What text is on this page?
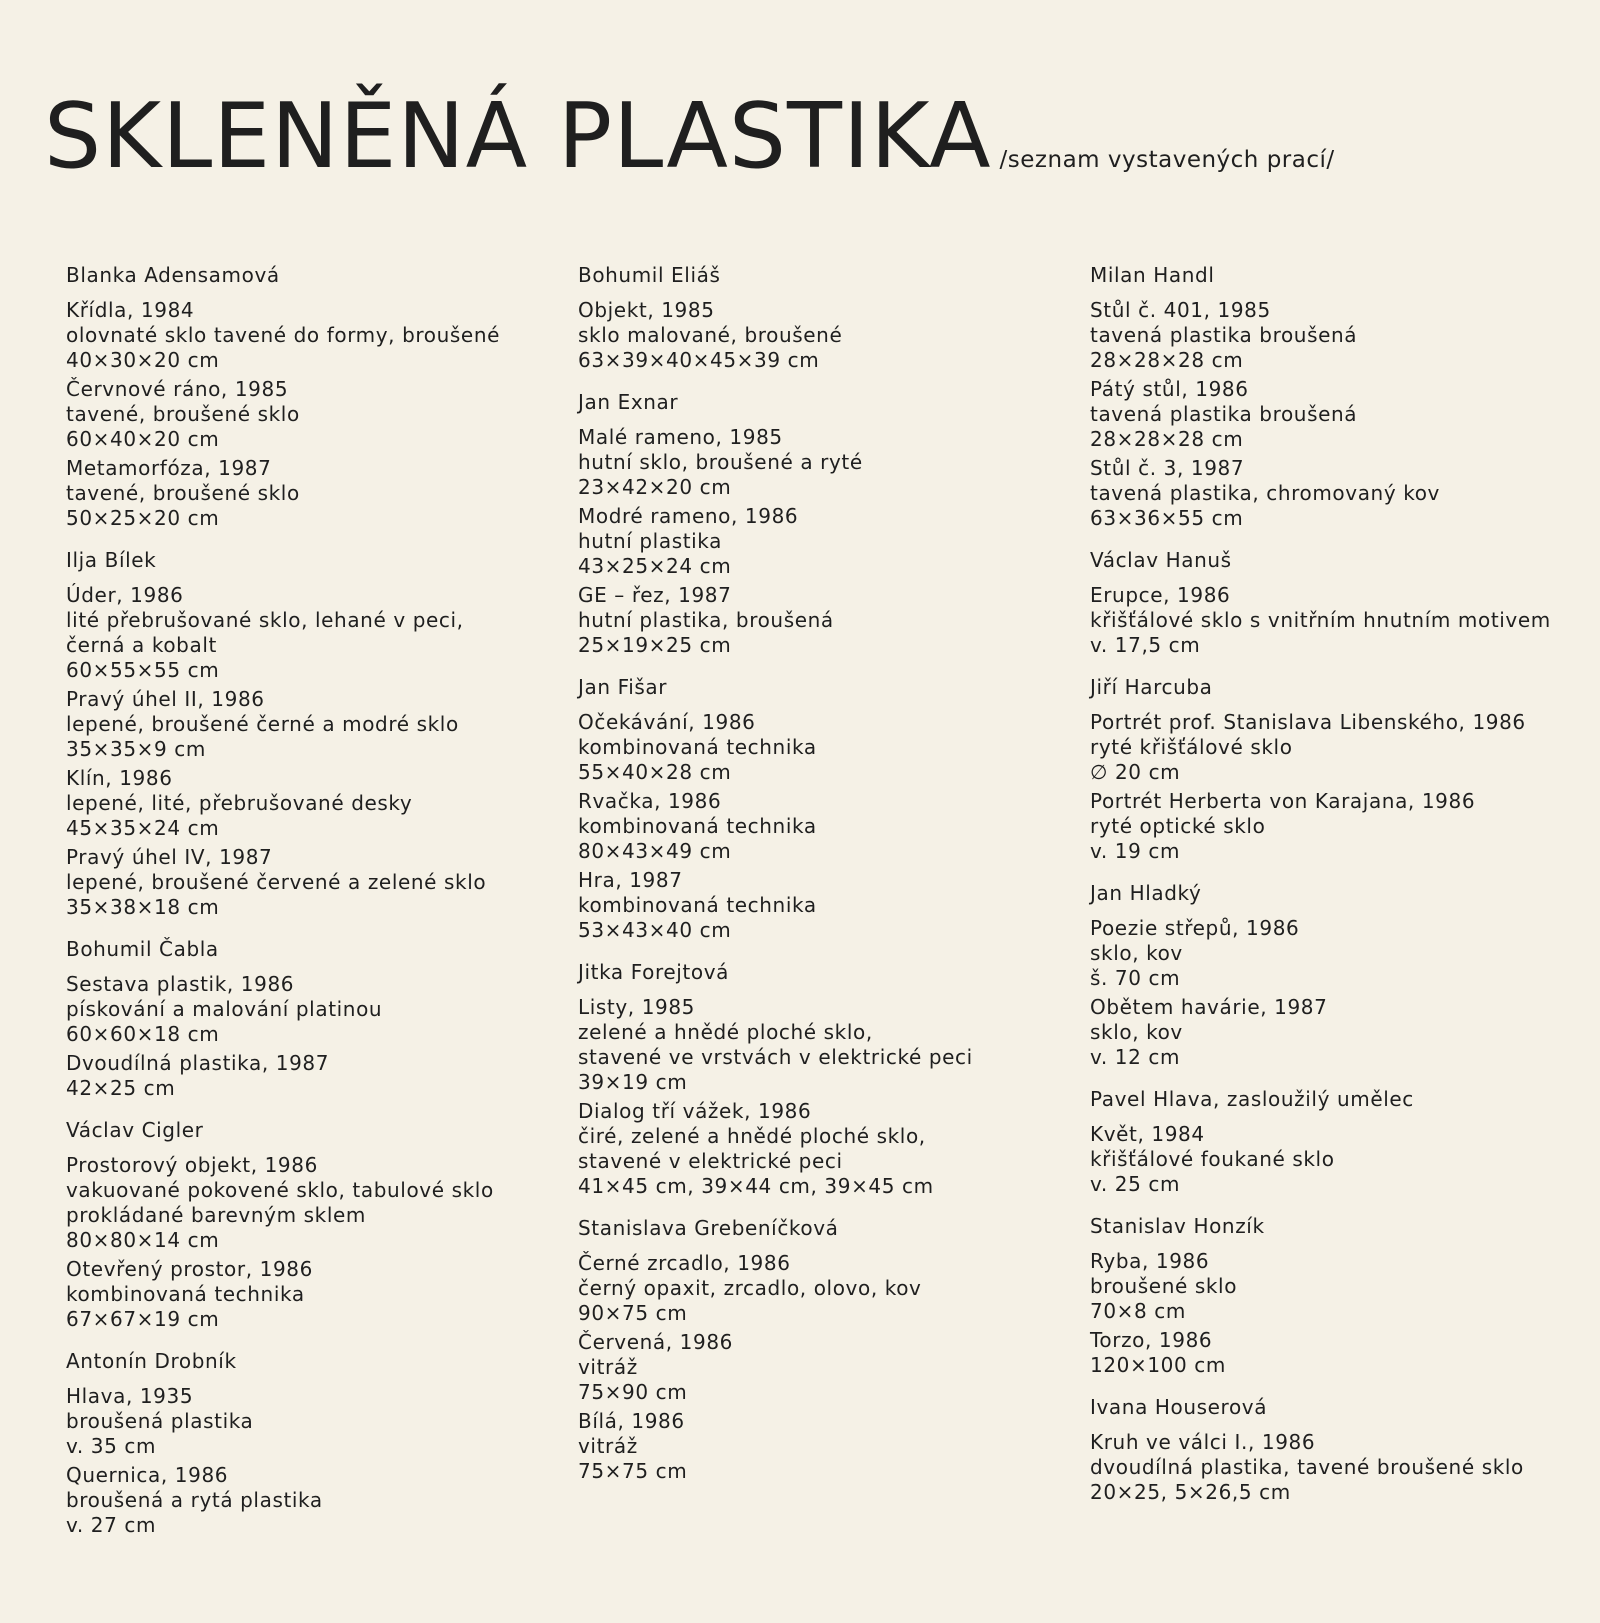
SKLENĚNÁ PLASTIKA /seznam vystavených prací/
Blanka Adensamová
Křídla, 1984
olovnaté sklo tavené do formy, broušené
40×30×20 cm
Červnové ráno, 1985
tavené, broušené sklo
60×40×20 cm
Metamorfóza, 1987
tavené, broušené sklo
50×25×20 cm
Ilja Bílek
Úder, 1986
lité přebrušované sklo, lehané v peci,
černá a kobalt
60×55×55 cm
Pravý úhel II, 1986
lepené, broušené černé a modré sklo
35×35×9 cm
Klín, 1986
lepené, lité, přebrušované desky
45×35×24 cm
Pravý úhel IV, 1987
lepené, broušené červené a zelené sklo
35×38×18 cm
Bohumil Čabla
Sestava plastik, 1986
pískování a malování platinou
60×60×18 cm
Dvoudílná plastika, 1987
42×25 cm
Václav Cigler
Prostorový objekt, 1986
vakuované pokovené sklo, tabulové sklo
prokládané barevným sklem
80×80×14 cm
Otevřený prostor, 1986
kombinovaná technika
67×67×19 cm
Antonín Drobník
Hlava, 1935
broušená plastika
v. 35 cm
Quernica, 1986
broušená a rytá plastika
v. 27 cm
Bohumil Eliáš
Objekt, 1985
sklo malované, broušené
63×39×40×45×39 cm
Jan Exnar
Malé rameno, 1985
hutní sklo, broušené a ryté
23×42×20 cm
Modré rameno, 1986
hutní plastika
43×25×24 cm
GE – řez, 1987
hutní plastika, broušená
25×19×25 cm
Jan Fišar
Očekávání, 1986
kombinovaná technika
55×40×28 cm
Rvačka, 1986
kombinovaná technika
80×43×49 cm
Hra, 1987
kombinovaná technika
53×43×40 cm
Jitka Forejtová
Listy, 1985
zelené a hnědé ploché sklo,
stavené ve vrstvách v elektrické peci
39×19 cm
Dialog tří vážek, 1986
čiré, zelené a hnědé ploché sklo,
stavené v elektrické peci
41×45 cm, 39×44 cm, 39×45 cm
Stanislava Grebeníčková
Černé zrcadlo, 1986
černý opaxit, zrcadlo, olovo, kov
90×75 cm
Červená, 1986
vitráž
75×90 cm
Bílá, 1986
vitráž
75×75 cm
Milan Handl
Stůl č. 401, 1985
tavená plastika broušená
28×28×28 cm
Pátý stůl, 1986
tavená plastika broušená
28×28×28 cm
Stůl č. 3, 1987
tavená plastika, chromovaný kov
63×36×55 cm
Václav Hanuš
Erupce, 1986
křišťálové sklo s vnitřním hnutním motivem
v. 17,5 cm
Jiří Harcuba
Portrét prof. Stanislava Libenského, 1986
ryté křišťálové sklo
∅ 20 cm
Portrét Herberta von Karajana, 1986
ryté optické sklo
v. 19 cm
Jan Hladký
Poezie střepů, 1986
sklo, kov
š. 70 cm
Obětem havárie, 1987
sklo, kov
v. 12 cm
Pavel Hlava, zasloužilý umělec
Květ, 1984
křišťálové foukané sklo
v. 25 cm
Stanislav Honzík
Ryba, 1986
broušené sklo
70×8 cm
Torzo, 1986
120×100 cm
Ivana Houserová
Kruh ve válci I., 1986
dvoudílná plastika, tavené broušené sklo
20×25, 5×26,5 cm
